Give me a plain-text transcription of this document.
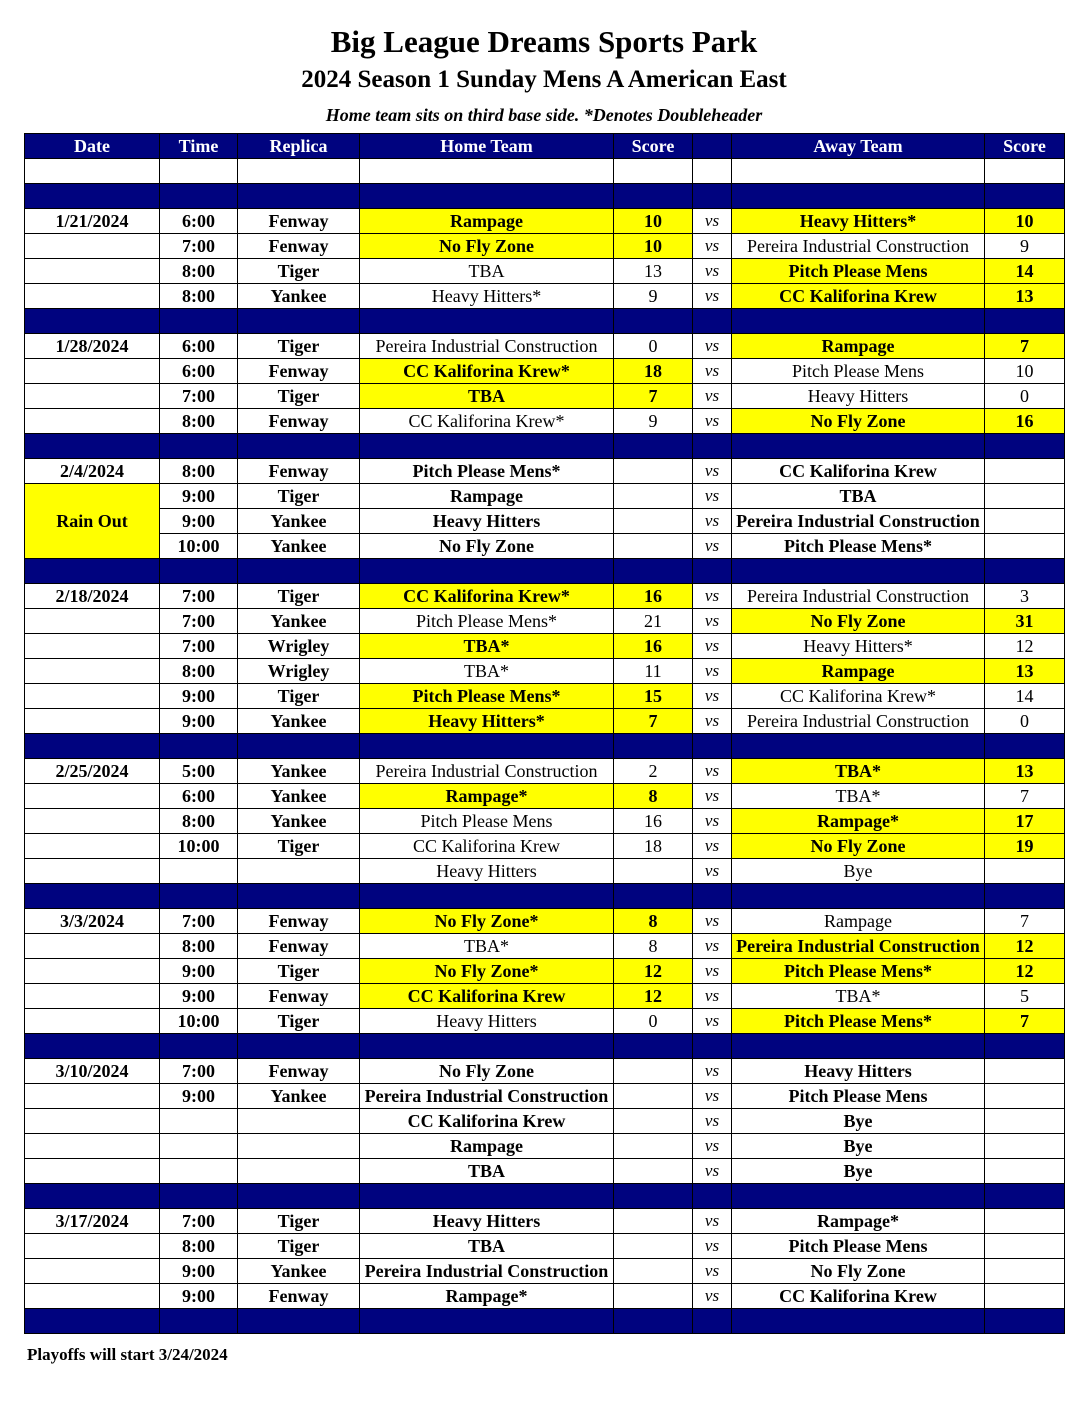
Big League Dreams Sports Park
2024 Season 1 Sunday Mens A American East
Home team sits on third base side. *Denotes Doubleheader
Date	Time	Replica	Home Team	Score		Away Team	Score

1/21/2024	6:00	Fenway	Rampage	10	vs	Heavy Hitters*	10
	7:00	Fenway	No Fly Zone	10	vs	Pereira Industrial Construction	9
	8:00	Tiger	TBA	13	vs	Pitch Please Mens	14
	8:00	Yankee	Heavy Hitters*	9	vs	CC Kaliforina Krew	13

1/28/2024	6:00	Tiger	Pereira Industrial Construction	0	vs	Rampage	7
	6:00	Fenway	CC Kaliforina Krew*	18	vs	Pitch Please Mens	10
	7:00	Tiger	TBA	7	vs	Heavy Hitters	0
	8:00	Fenway	CC Kaliforina Krew*	9	vs	No Fly Zone	16

2/4/2024	8:00	Fenway	Pitch Please Mens*		vs	CC Kaliforina Krew	
Rain Out	9:00	Tiger	Rampage		vs	TBA	
	9:00	Yankee	Heavy Hitters		vs	Pereira Industrial Construction	
	10:00	Yankee	No Fly Zone		vs	Pitch Please Mens*	

2/18/2024	7:00	Tiger	CC Kaliforina Krew*	16	vs	Pereira Industrial Construction	3
	7:00	Yankee	Pitch Please Mens*	21	vs	No Fly Zone	31
	7:00	Wrigley	TBA*	16	vs	Heavy Hitters*	12
	8:00	Wrigley	TBA*	11	vs	Rampage	13
	9:00	Tiger	Pitch Please Mens*	15	vs	CC Kaliforina Krew*	14
	9:00	Yankee	Heavy Hitters*	7	vs	Pereira Industrial Construction	0

2/25/2024	5:00	Yankee	Pereira Industrial Construction	2	vs	TBA*	13
	6:00	Yankee	Rampage*	8	vs	TBA*	7
	8:00	Yankee	Pitch Please Mens	16	vs	Rampage*	17
	10:00	Tiger	CC Kaliforina Krew	18	vs	No Fly Zone	19
			Heavy Hitters		vs	Bye	

3/3/2024	7:00	Fenway	No Fly Zone*	8	vs	Rampage	7
	8:00	Fenway	TBA*	8	vs	Pereira Industrial Construction	12
	9:00	Tiger	No Fly Zone*	12	vs	Pitch Please Mens*	12
	9:00	Fenway	CC Kaliforina Krew	12	vs	TBA*	5
	10:00	Tiger	Heavy Hitters	0	vs	Pitch Please Mens*	7

3/10/2024	7:00	Fenway	No Fly Zone		vs	Heavy Hitters	
	9:00	Yankee	Pereira Industrial Construction		vs	Pitch Please Mens	
			CC Kaliforina Krew		vs	Bye	
			Rampage		vs	Bye	
			TBA		vs	Bye	

3/17/2024	7:00	Tiger	Heavy Hitters		vs	Rampage*	
	8:00	Tiger	TBA		vs	Pitch Please Mens	
	9:00	Yankee	Pereira Industrial Construction		vs	No Fly Zone	
	9:00	Fenway	Rampage*		vs	CC Kaliforina Krew	

Playoffs will start 3/24/2024
